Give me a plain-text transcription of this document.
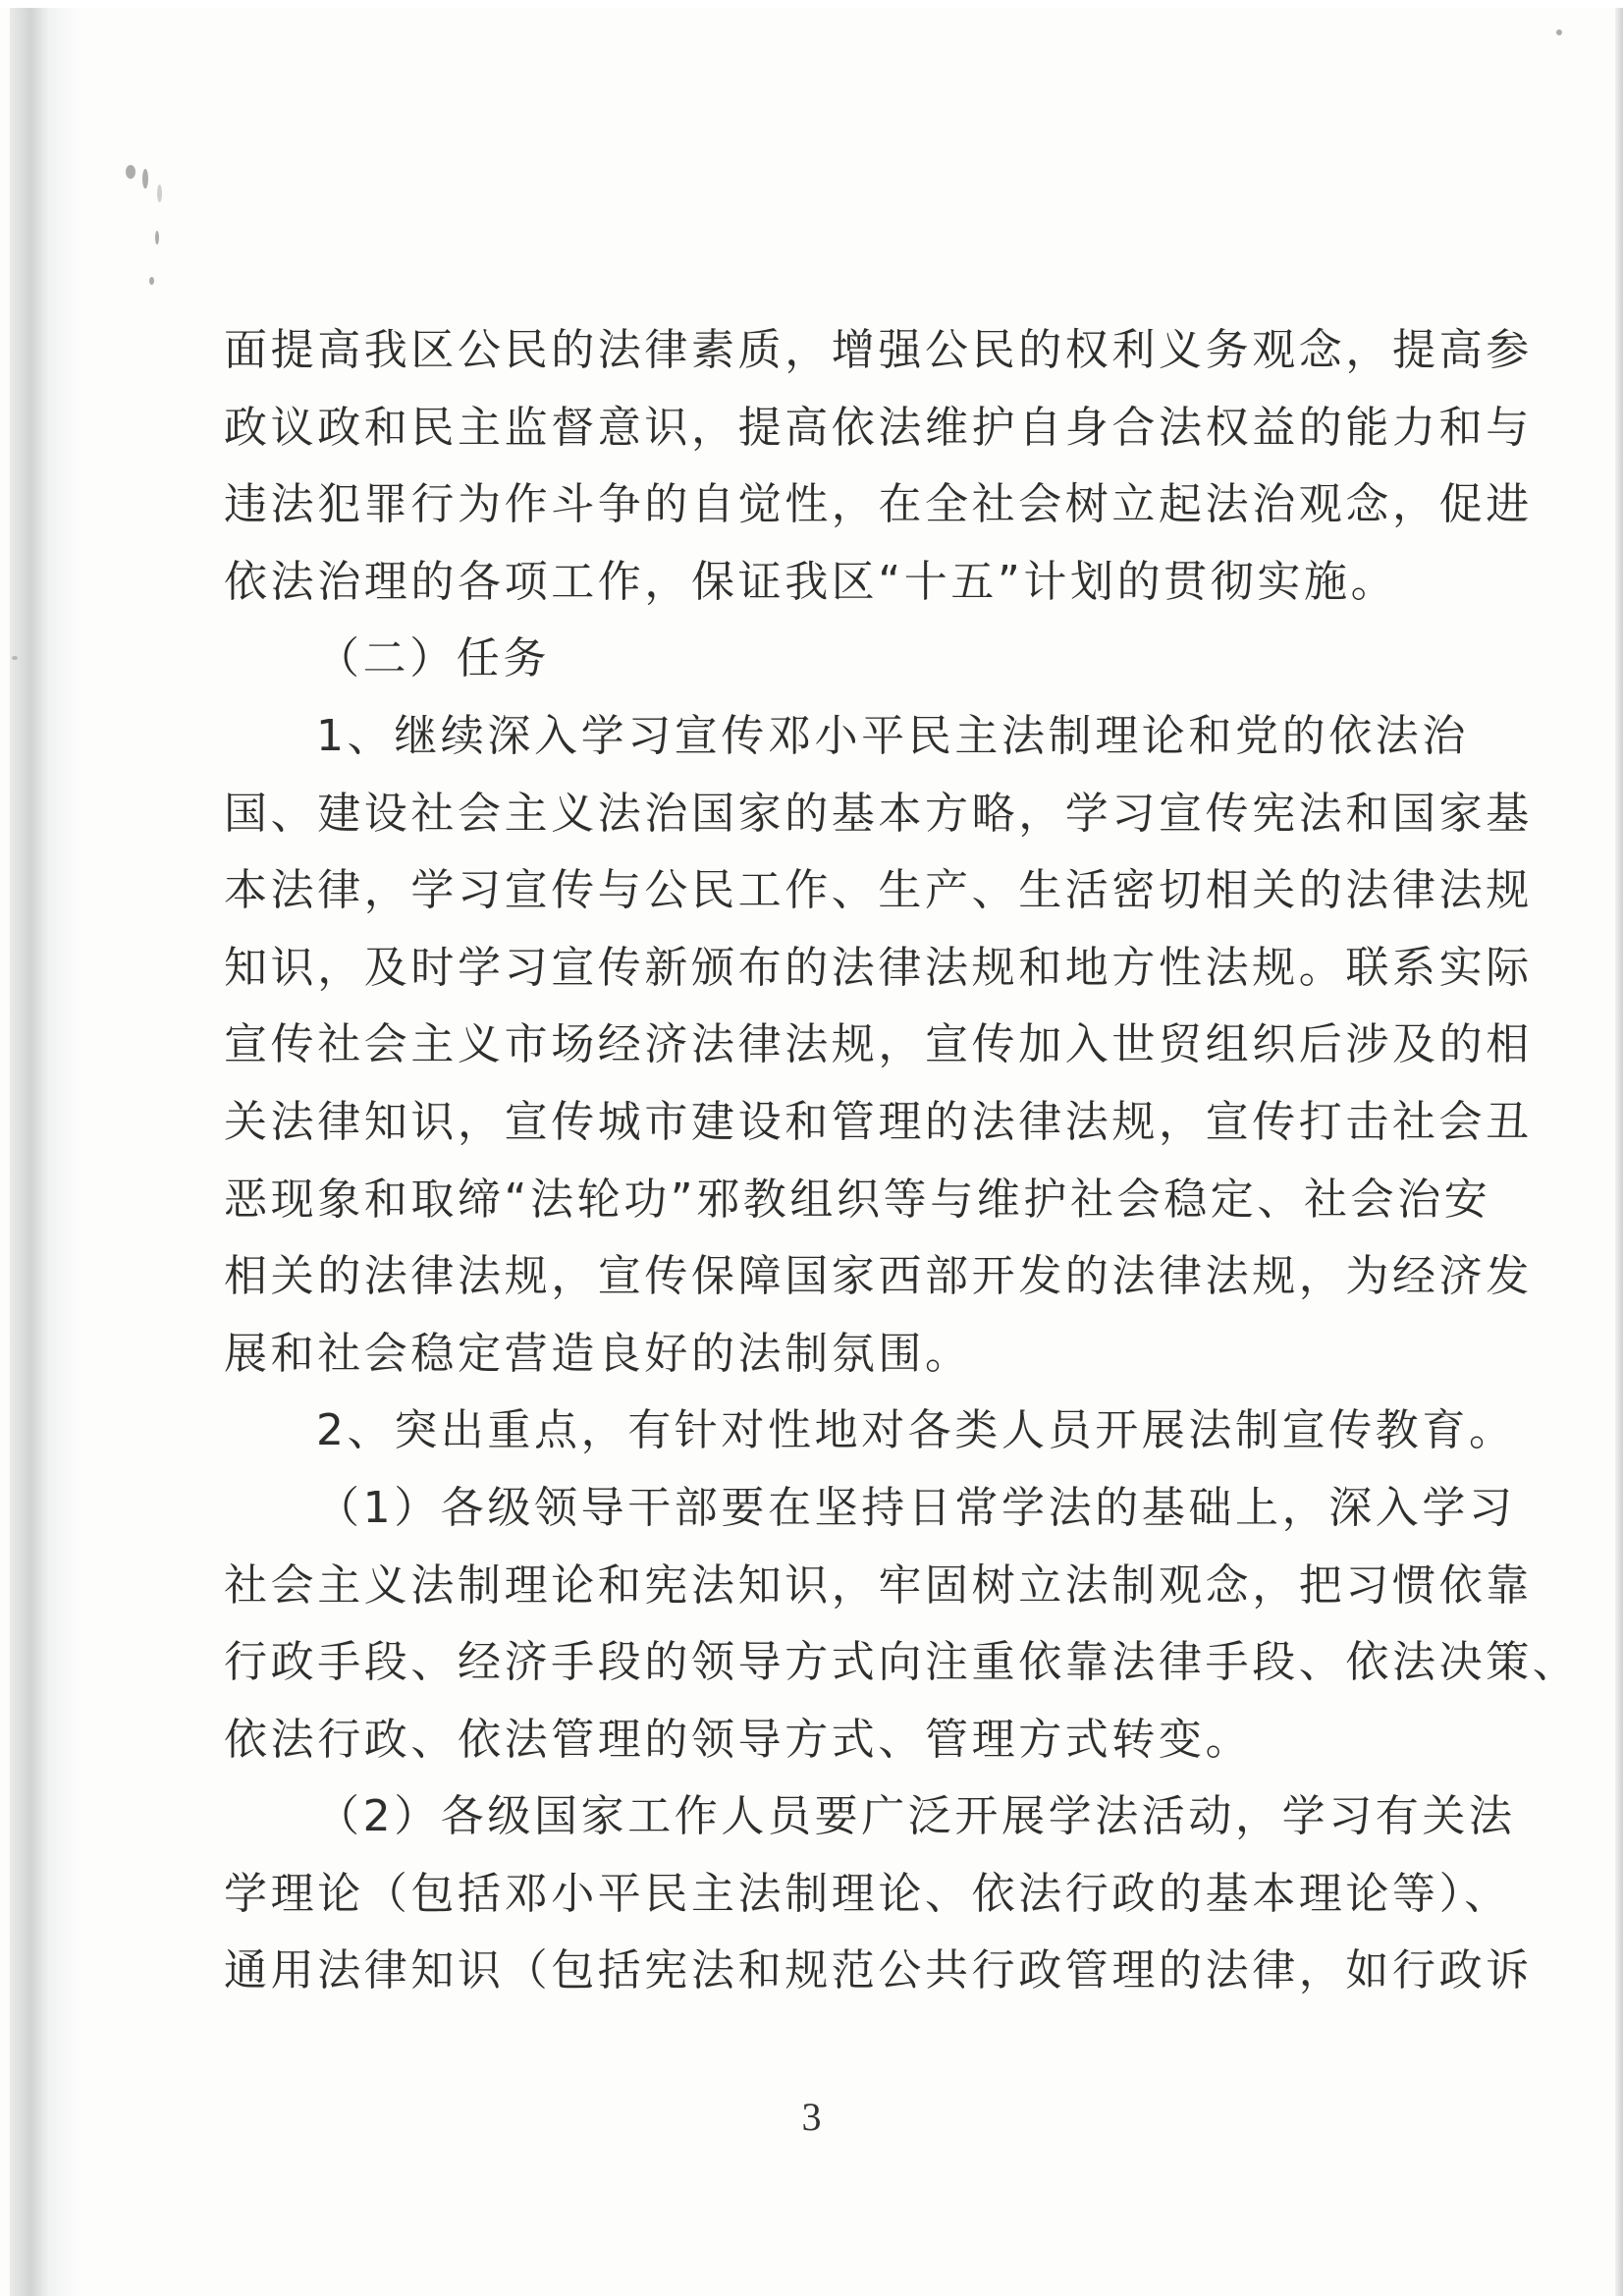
面提高我区公民的法律素质，增强公民的权利义务观念，提高参
政议政和民主监督意识，提高依法维护自身合法权益的能力和与
违法犯罪行为作斗争的自觉性，在全社会树立起法治观念，促进
依法治理的各项工作，保证我区“十五”计划的贯彻实施。
（二）任务
1、继续深入学习宣传邓小平民主法制理论和党的依法治
国、建设社会主义法治国家的基本方略，学习宣传宪法和国家基
本法律，学习宣传与公民工作、生产、生活密切相关的法律法规
知识，及时学习宣传新颁布的法律法规和地方性法规。联系实际
宣传社会主义市场经济法律法规，宣传加入世贸组织后涉及的相
关法律知识，宣传城市建设和管理的法律法规，宣传打击社会丑
恶现象和取缔“法轮功”邪教组织等与维护社会稳定、社会治安
相关的法律法规，宣传保障国家西部开发的法律法规，为经济发
展和社会稳定营造良好的法制氛围。
2、突出重点，有针对性地对各类人员开展法制宣传教育。
（1）各级领导干部要在坚持日常学法的基础上，深入学习
社会主义法制理论和宪法知识，牢固树立法制观念，把习惯依靠
行政手段、经济手段的领导方式向注重依靠法律手段、依法决策、
依法行政、依法管理的领导方式、管理方式转变。
（2）各级国家工作人员要广泛开展学法活动，学习有关法
学理论（包括邓小平民主法制理论、依法行政的基本理论等）、
通用法律知识（包括宪法和规范公共行政管理的法律，如行政诉
3
